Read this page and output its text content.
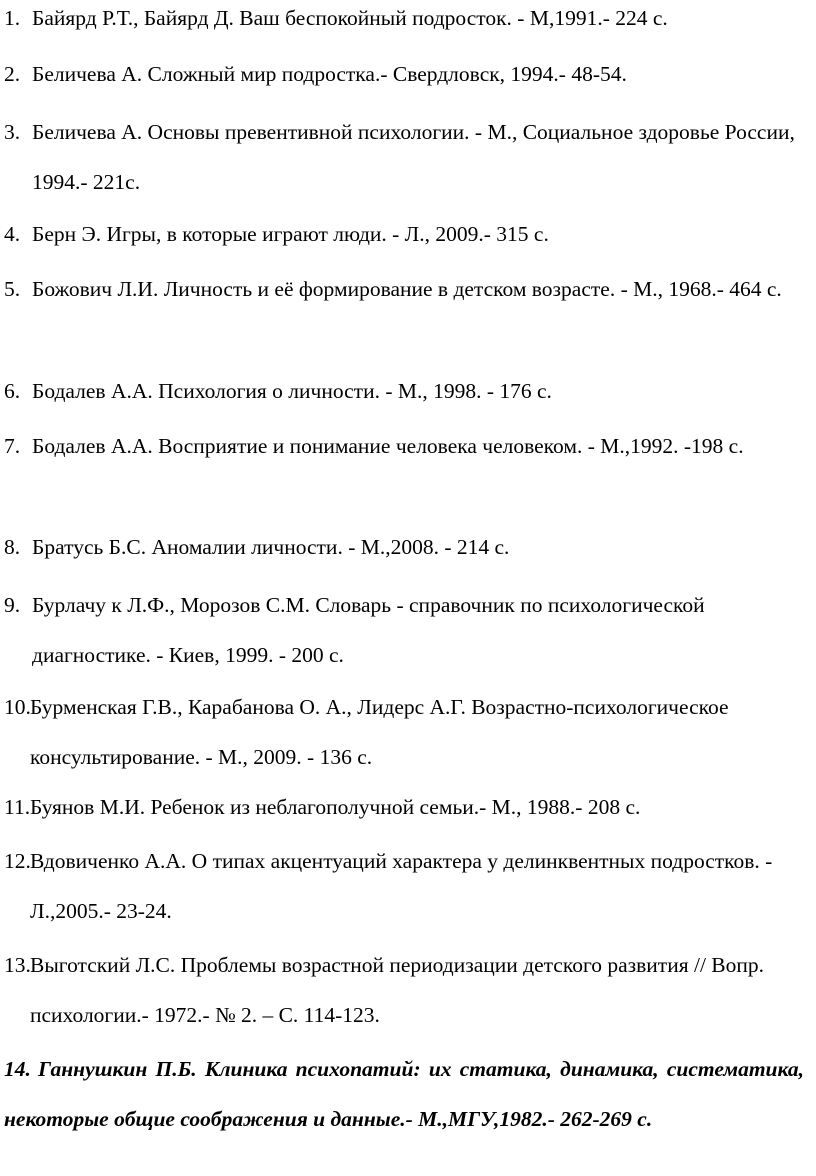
1. Байярд Р.Т., Байярд Д. Ваш беспокойный подросток. - М,1991.- 224 с.
2. Беличева А. Сложный мир подростка.- Свердловск, 1994.- 48-54.
3. Беличева А. Основы превентивной психологии. - М., Социальное здоровье России, 1994.- 221с.
4. Берн Э. Игры, в которые играют люди. - Л., 2009.- 315 с.
5. Божович Л.И. Личность и её формирование в детском возрасте. - М., 1968.- 464 с.
6. Бодалев А.А. Психология о личности. - М., 1998. - 176 с.
7. Бодалев А.А. Восприятие и понимание человека человеком. - М.,1992. -198 с.
8. Братусь Б.С. Аномалии личности. - М.,2008. - 214 с.
9. Бурлачу к Л.Ф., Морозов С.М. Словарь - справочник по психологической диагностике. - Киев, 1999. - 200 с.
10. Бурменская Г.В., Карабанова О. А., Лидерс А.Г. Возрастно-психологическое консультирование. - М., 2009. - 136 с.
11. Буянов М.И. Ребенок из неблагополучной семьи.- М., 1988.- 208 с.
12. Вдовиченко А.А. О типах акцентуаций характера у делинквентных подростков. - Л.,2005.- 23-24.
13. Выготский Л.С. Проблемы возрастной периодизации детского развития // Вопр. психологии.- 1972.- № 2. – С. 114-123.
14. Ганнушкин П.Б. Клиника психопатий: их статика, динамика, систематика, некоторые общие соображения и данные.- М.,МГУ,1982.- 262-269 с.
